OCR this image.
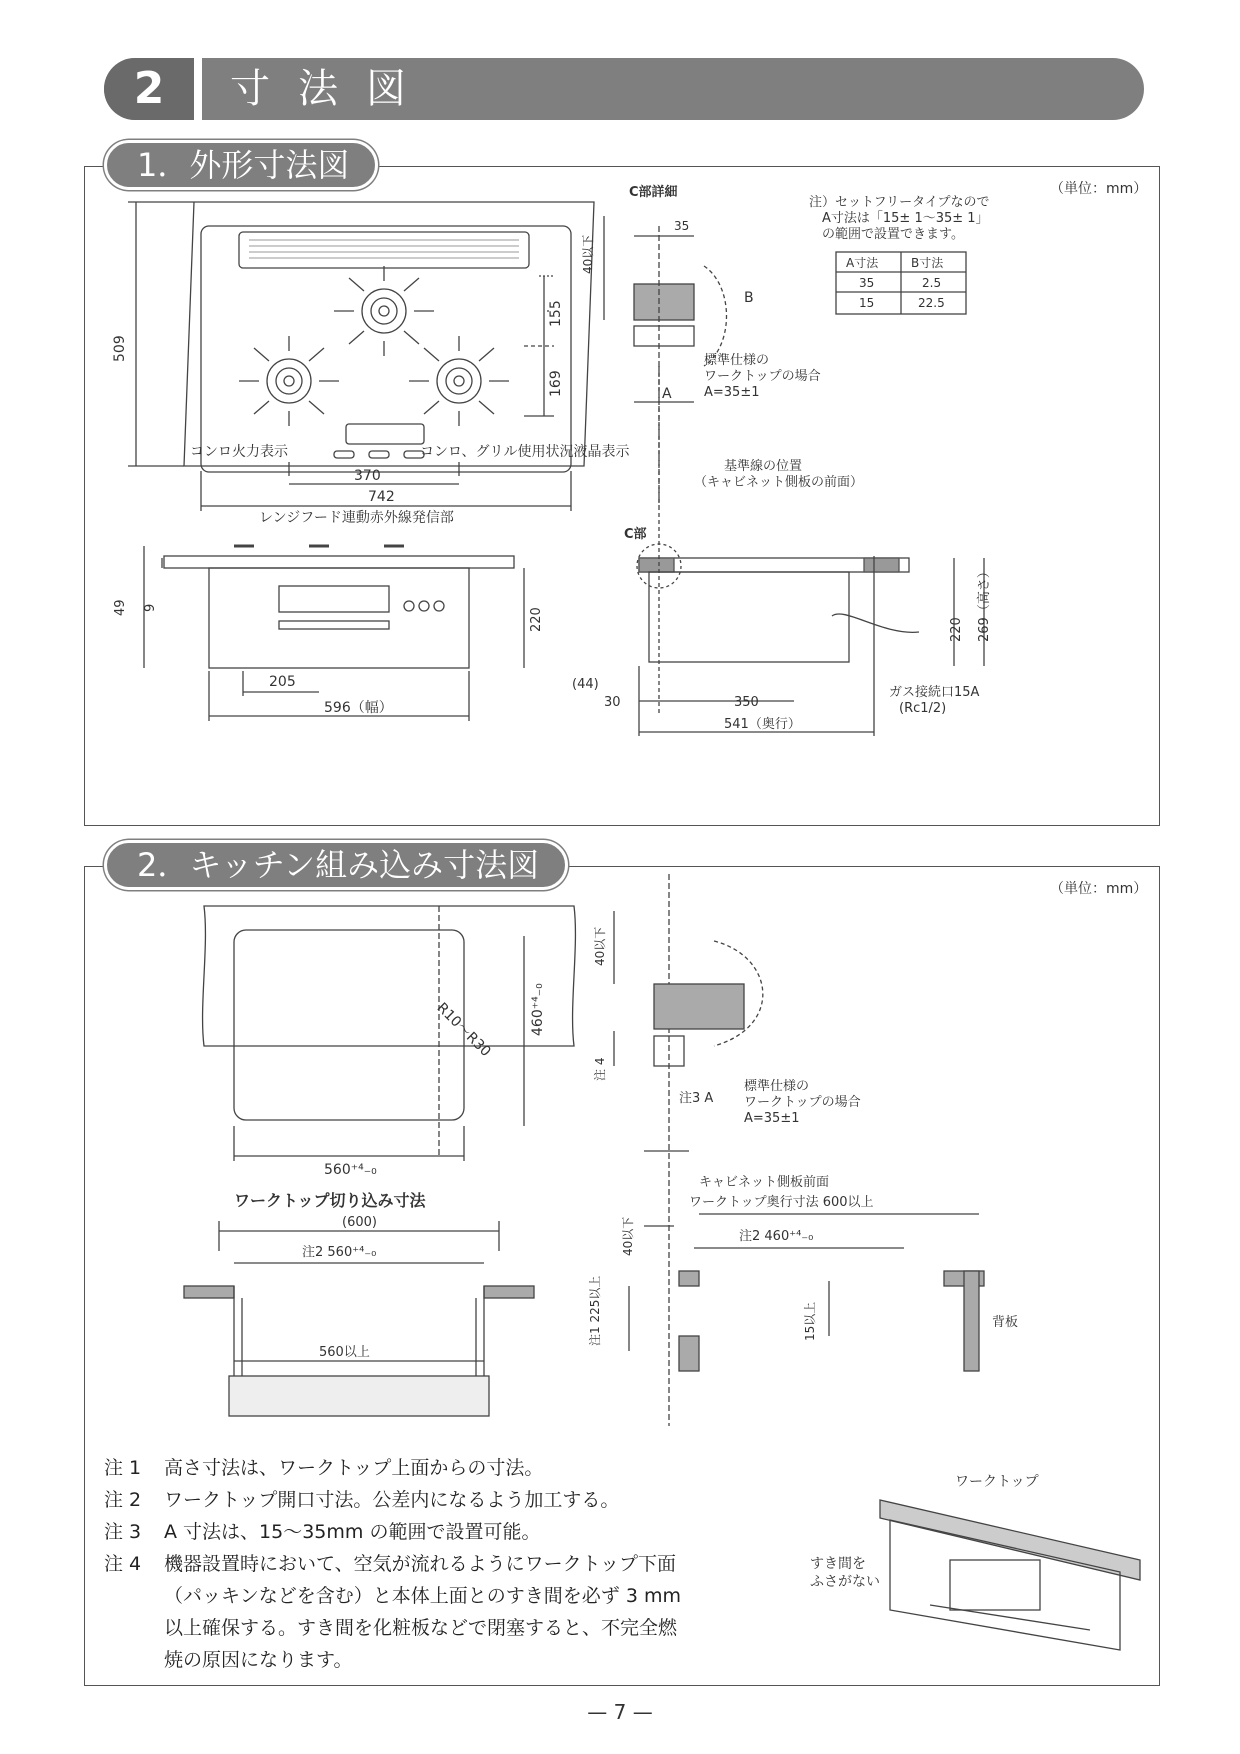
2	寸法図
1．外形寸法図
（単位：mm）
509
155
169
370
742
コンロ火力表示	コンロ、グリル使用状況液晶表示
レンジフード連動赤外線発信部
49 9	220
205
596（幅）
C部
(44)
30	350
541（奥行）
220 269（高さ）
ガス接続口15A
(Rc1/2)
C部詳細
35
40以下
B
A
標準仕様の
ワークトップの場合
A=35±1
基準線の位置
（キャビネット側板の前面）
注）セットフリータイプなので
A寸法は「15± 1～35± 1」
の範囲で設置できます。
A寸法	B寸法
35	2.5
15	22.5
2．キッチン組み込み寸法図
（単位：mm）
R10～R30	460⁺⁴₋₀
560⁺⁴₋₀
ワークトップ切り込み寸法
(600)
注2 560⁺⁴₋₀
560以上
40以下
注 4
注3 A
標準仕様の
ワークトップの場合
A=35±1
キャビネット側板前面
ワークトップ奥行寸法 600以上
注2 460⁺⁴₋₀
40以下
注1 225以上	15以上	背板
注 1 高さ寸法は、ワークトップ上面からの寸法。
注 2 ワークトップ開口寸法。公差内になるよう加工する。
注 3 A 寸法は、15～35mm の範囲で設置可能。
注 4 機器設置時において、空気が流れるようにワークトップ下面
（パッキンなどを含む）と本体上面とのすき間を必ず 3 mm
以上確保する。すき間を化粧板などで閉塞すると、不完全燃
焼の原因になります。
ワークトップ
すき間を
ふさがない
— 7 —
